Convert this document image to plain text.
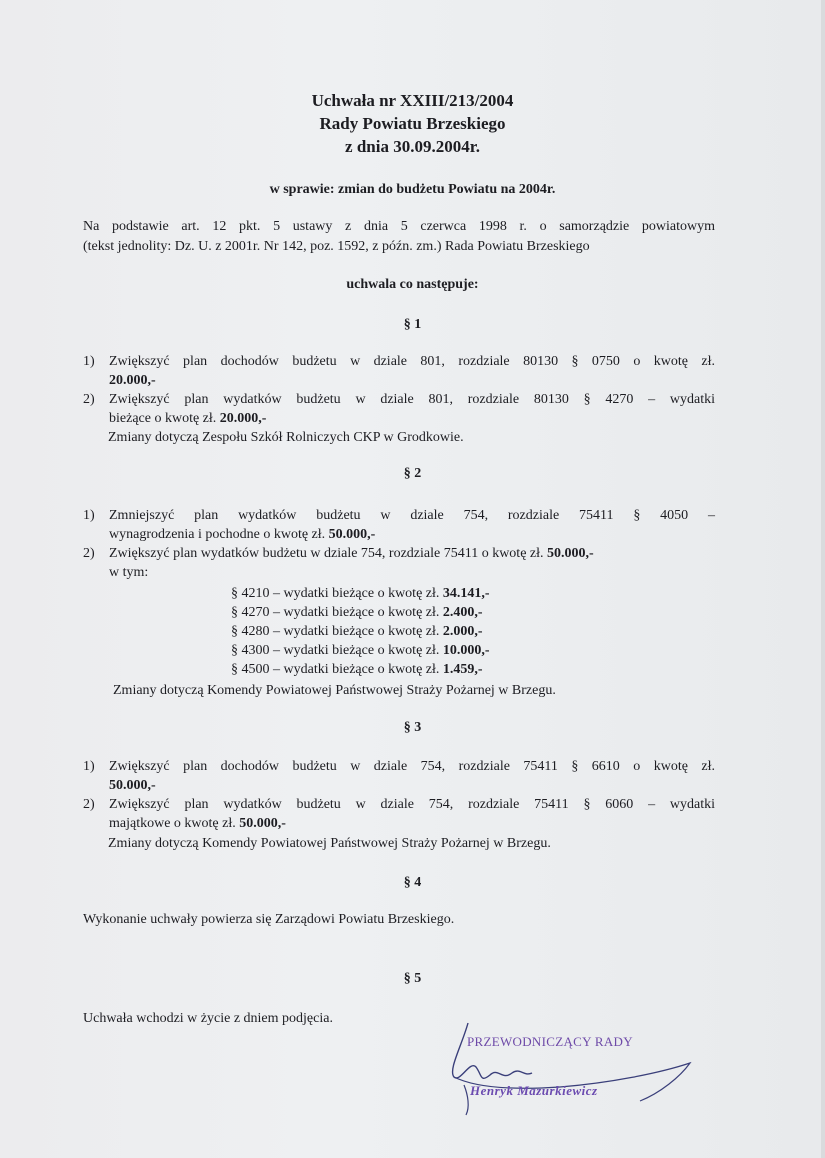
Uchwała nr XXIII/213/2004
Rady Powiatu Brzeskiego
z dnia 30.09.2004r.
w sprawie: zmian do budżetu Powiatu na 2004r.
Na podstawie art. 12 pkt. 5 ustawy z dnia 5 czerwca 1998 r. o samorządzie powiatowym
(tekst jednolity: Dz. U. z 2001r. Nr 142, poz. 1592, z późn. zm.) Rada Powiatu Brzeskiego
uchwala co następuje:
§ 1
1) Zwiększyć plan dochodów budżetu w dziale 801, rozdziale 80130 § 0750 o kwotę zł.
20.000,-
2) Zwiększyć plan wydatków budżetu w dziale 801, rozdziale 80130 § 4270 – wydatki
bieżące o kwotę zł. 20.000,-
Zmiany dotyczą Zespołu Szkół Rolniczych CKP w Grodkowie.
§ 2
1) Zmniejszyć plan wydatków budżetu w dziale 754, rozdziale 75411 § 4050 –
wynagrodzenia i pochodne o kwotę zł. 50.000,-
2) Zwiększyć plan wydatków budżetu w dziale 754, rozdziale 75411 o kwotę zł. 50.000,-
w tym:
§ 4210 – wydatki bieżące o kwotę zł. 34.141,-
§ 4270 – wydatki bieżące o kwotę zł. 2.400,-
§ 4280 – wydatki bieżące o kwotę zł. 2.000,-
§ 4300 – wydatki bieżące o kwotę zł. 10.000,-
§ 4500 – wydatki bieżące o kwotę zł. 1.459,-
Zmiany dotyczą Komendy Powiatowej Państwowej Straży Pożarnej w Brzegu.
§ 3
1) Zwiększyć plan dochodów budżetu w dziale 754, rozdziale 75411 § 6610 o kwotę zł.
50.000,-
2) Zwiększyć plan wydatków budżetu w dziale 754, rozdziale 75411 § 6060 – wydatki
majątkowe o kwotę zł. 50.000,-
Zmiany dotyczą Komendy Powiatowej Państwowej Straży Pożarnej w Brzegu.
§ 4
Wykonanie uchwały powierza się Zarządowi Powiatu Brzeskiego.
§ 5
Uchwała wchodzi w życie z dniem podjęcia.
PRZEWODNICZĄCY RADY
Henryk Mazurkiewicz
